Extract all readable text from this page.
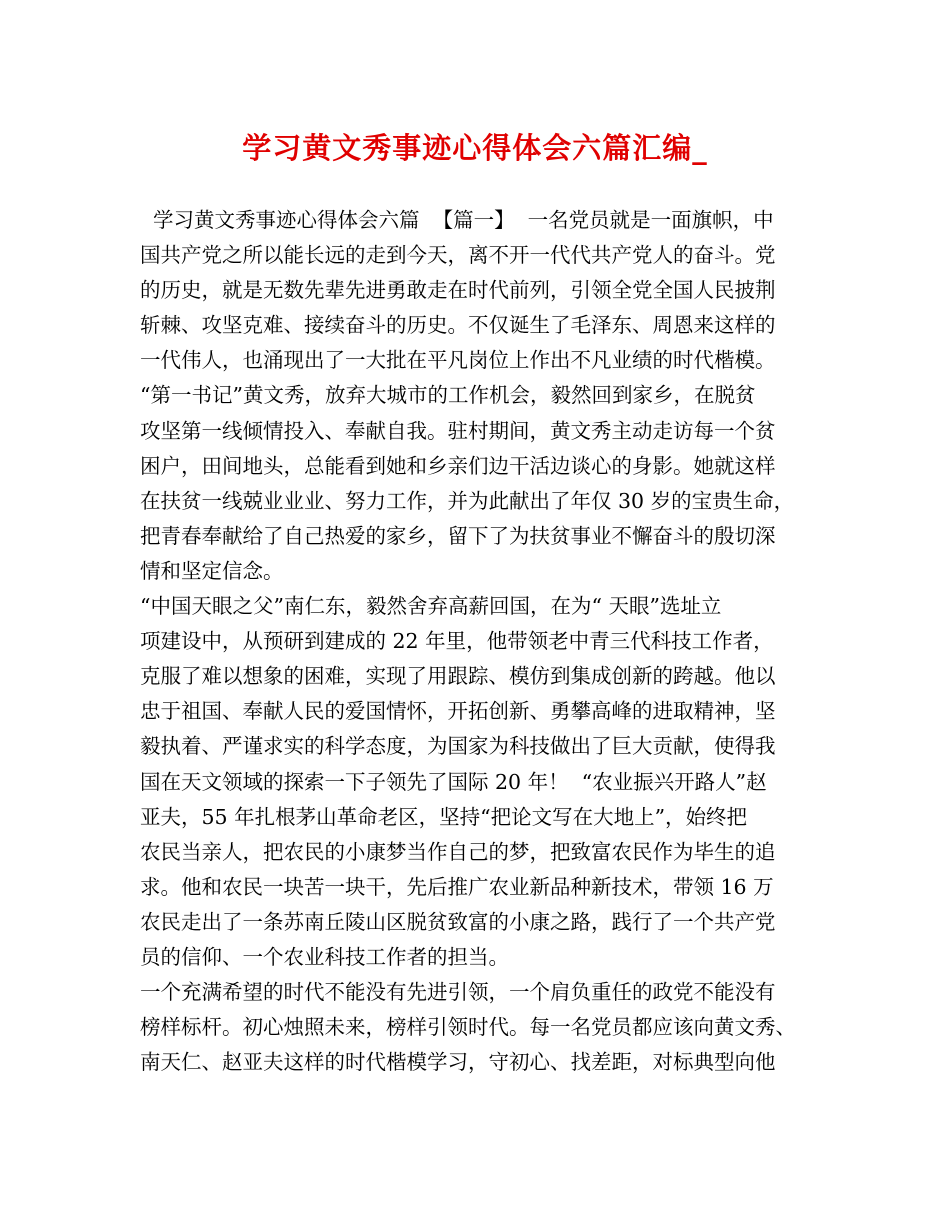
学习黄文秀事迹心得体会六篇汇编_
学习黄文秀事迹心得体会六篇  【篇一】  一名党员就是一面旗帜，中
国共产党之所以能长远的走到今天，离不开一代代共产党人的奋斗。党
的历史，就是无数先辈先进勇敢走在时代前列，引领全党全国人民披荆
斩棘、攻坚克难、接续奋斗的历史。不仅诞生了毛泽东、周恩来这样的
一代伟人，也涌现出了一大批在平凡岗位上作出不凡业绩的时代楷模。
“第一书记”黄文秀，放弃大城市的工作机会，毅然回到家乡，在脱贫
攻坚第一线倾情投入、奉献自我。驻村期间，黄文秀主动走访每一个贫
困户，田间地头，总能看到她和乡亲们边干活边谈心的身影。她就这样
在扶贫一线兢业业业、努力工作，并为此献出了年仅 30 岁的宝贵生命，
把青春奉献给了自己热爱的家乡，留下了为扶贫事业不懈奋斗的殷切深
情和坚定信念。
“中国天眼之父”南仁东，毅然舍弃高薪回国，在为“ 天眼”选址立
项建设中，从预研到建成的 22 年里，他带领老中青三代科技工作者，
克服了难以想象的困难，实现了用跟踪、模仿到集成创新的跨越。他以
忠于祖国、奉献人民的爱国情怀，开拓创新、勇攀高峰的进取精神，坚
毅执着、严谨求实的科学态度，为国家为科技做出了巨大贡献，使得我
国在天文领域的探索一下子领先了国际 20 年！  “农业振兴开路人”赵
亚夫，55 年扎根茅山革命老区，坚持“把论文写在大地上”，始终把
农民当亲人，把农民的小康梦当作自己的梦，把致富农民作为毕生的追
求。他和农民一块苦一块干，先后推广农业新品种新技术，带领 16 万
农民走出了一条苏南丘陵山区脱贫致富的小康之路，践行了一个共产党
员的信仰、一个农业科技工作者的担当。
一个充满希望的时代不能没有先进引领，一个肩负重任的政党不能没有
榜样标杆。初心烛照未来，榜样引领时代。每一名党员都应该向黄文秀、
南天仁、赵亚夫这样的时代楷模学习，守初心、找差距，对标典型向他
